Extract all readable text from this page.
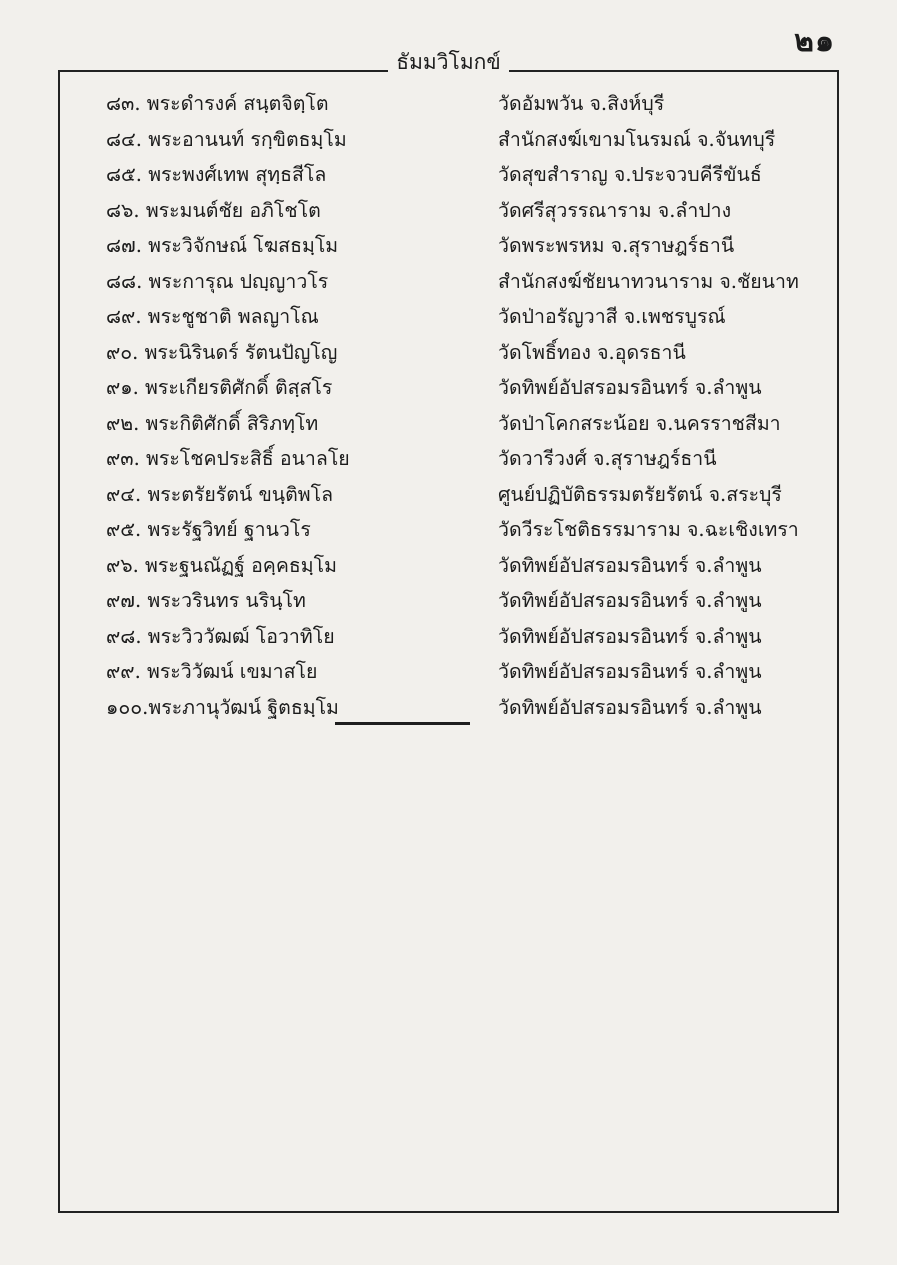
๒๑
ธัมมวิโมกข์
๘๓. พระดำรงค์ สนฺตจิตฺโต	วัดอัมพวัน จ.สิงห์บุรี
๘๔. พระอานนท์ รกฺขิตธมฺโม	สำนักสงฆ์เขามโนรมณ์ จ.จันทบุรี
๘๕. พระพงศ์เทพ สุทฺธสีโล	วัดสุขสำราญ จ.ประจวบคีรีขันธ์
๘๖. พระมนต์ชัย อภิโชโต	วัดศรีสุวรรณาราม จ.ลำปาง
๘๗. พระวิจักษณ์ โฆสธมฺโม	วัดพระพรหม จ.สุราษฎร์ธานี
๘๘. พระการุณ ปญฺญาวโร	สำนักสงฆ์ชัยนาทวนาราม จ.ชัยนาท
๘๙. พระชูชาติ พลญาโณ	วัดป่าอรัญวาสี จ.เพชรบูรณ์
๙๐. พระนิรินดร์ รัตนปัญโญ	วัดโพธิ์ทอง จ.อุดรธานี
๙๑. พระเกียรติศักดิ์ ติสฺสโร	วัดทิพย์อัปสรอมรอินทร์ จ.ลำพูน
๙๒. พระกิติศักดิ์ สิริภทฺโท	วัดป่าโคกสระน้อย จ.นครราชสีมา
๙๓. พระโชคประสิธิ์ อนาลโย	วัดวารีวงศ์ จ.สุราษฎร์ธานี
๙๔. พระตรัยรัตน์ ขนฺติพโล	ศูนย์ปฏิบัติธรรมตรัยรัตน์ จ.สระบุรี
๙๕. พระรัฐวิทย์ ฐานวโร	วัดวีระโชติธรรมาราม จ.ฉะเชิงเทรา
๙๖. พระฐนณัฏฐ์ อคฺคธมฺโม	วัดทิพย์อัปสรอมรอินทร์ จ.ลำพูน
๙๗. พระวรินทร นรินฺโท	วัดทิพย์อัปสรอมรอินทร์ จ.ลำพูน
๙๘. พระวิววัฒฒ์ โอวาทิโย	วัดทิพย์อัปสรอมรอินทร์ จ.ลำพูน
๙๙. พระวิวัฒน์ เขมาสโย	วัดทิพย์อัปสรอมรอินทร์ จ.ลำพูน
๑๐๐.พระภานุวัฒน์ ฐิตธมฺโม	วัดทิพย์อัปสรอมรอินทร์ จ.ลำพูน
